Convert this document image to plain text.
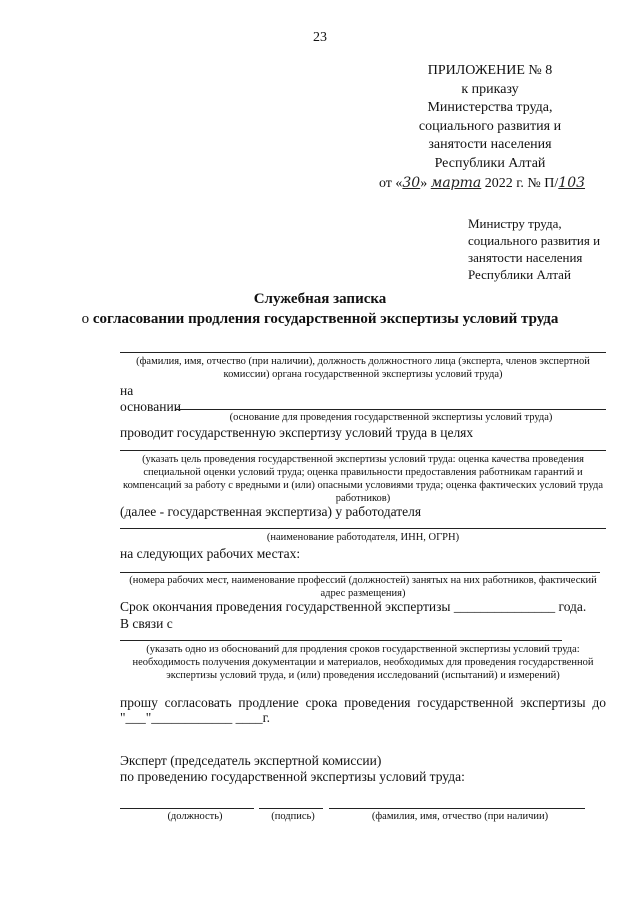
23
ПРИЛОЖЕНИЕ № 8
к приказу
Министерства труда,
социального развития и
занятости населения
Республики Алтай
от «30» марта 2022 г. № П/103
Министру труда,
социального развития и
занятости населения
Республики Алтай
Служебная записка
о согласовании продления государственной экспертизы условий труда
(фамилия, имя, отчество (при наличии), должность должностного лица (эксперта, членов экспертной комиссии) органа государственной экспертизы условий труда)
на
основании
(основание для проведения государственной экспертизы условий труда)
проводит государственную экспертизу условий труда в целях
(указать цель проведения государственной экспертизы условий труда: оценка качества проведения специальной оценки условий труда; оценка правильности предоставления работникам гарантий и компенсаций за работу с вредными и (или) опасными условиями труда; оценка фактических условий труда работников)
(далее - государственная экспертиза) у работодателя
(наименование работодателя, ИНН, ОГРН)
на следующих рабочих местах:
(номера рабочих мест, наименование профессий (должностей) занятых на них работников, фактический адрес размещения)
Срок окончания проведения государственной экспертизы _______________ года.
В связи с
(указать одно из обоснований для продления сроков государственной экспертизы условий труда: необходимость получения документации и материалов, необходимых для проведения государственной экспертизы условий труда, и (или) проведения исследований (испытаний) и измерений)
прошу согласовать продление срока проведения государственной экспертизы до
"___"____________ ____г.
Эксперт (председатель экспертной комиссии)
по проведению государственной экспертизы условий труда:
(должность)	(подпись)	(фамилия, имя, отчество (при наличии)
